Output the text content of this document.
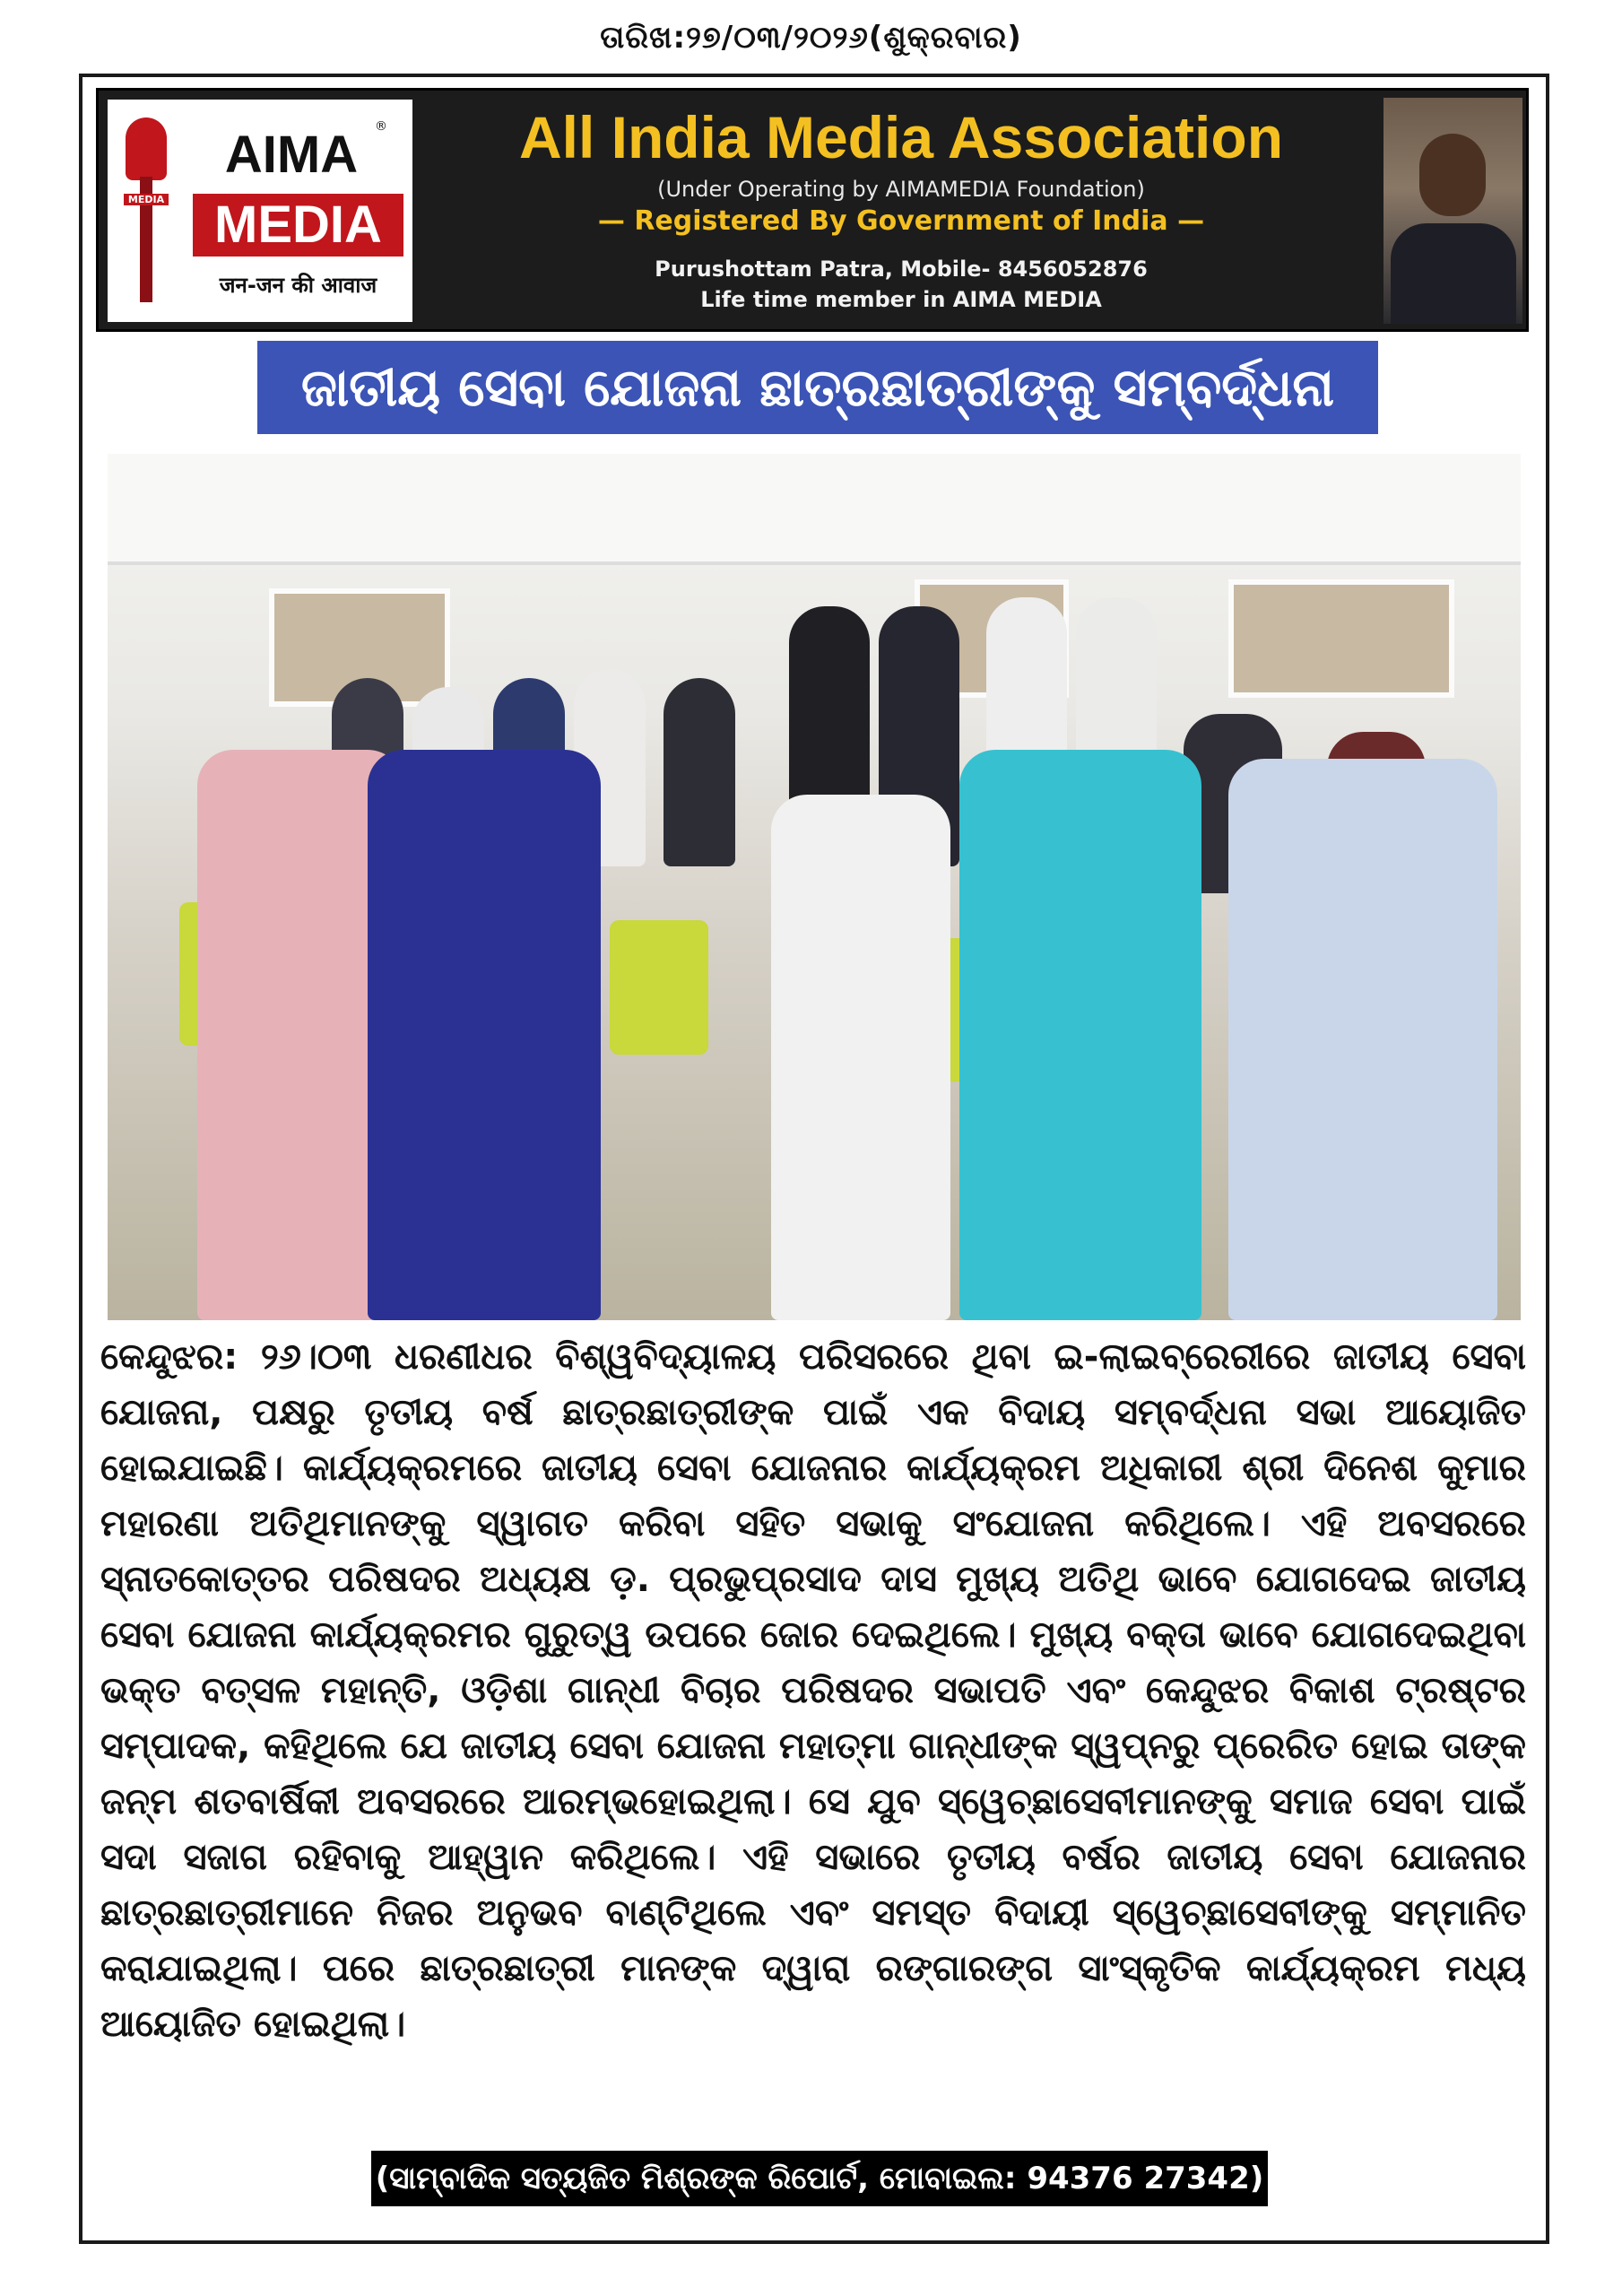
ତାରିଖ:୨୭/୦୩/୨୦୨୬(ଶୁକ୍ରବାର)
MEDIA
AIMA	®
MEDIA
जन-जन की आवाज
All India Media Association
(Under Operating by AIMAMEDIA Foundation)
— Registered By Government of India —
Purushottam Patra, Mobile- 8456052876
Life time member in AIMA MEDIA
ଜାତୀୟ ସେବା ଯୋଜନା ଛାତ୍ରଛାତ୍ରୀଙ୍କୁ ସମ୍ବର୍ଦ୍ଧନା

କେନ୍ଦୁଝର: ୨୬।୦୩ ଧରଣୀଧର ବିଶ୍ୱବିଦ୍ୟାଳୟ ପରିସରରେ ଥିବା ଇ-ଲାଇବ୍ରେରୀରେ ଜାତୀୟ ସେବା ଯୋଜନା, ପକ୍ଷରୁ ତୃତୀୟ ବର୍ଷ ଛାତ୍ରଛାତ୍ରୀଙ୍କ ପାଇଁ ଏକ ବିଦାୟ ସମ୍ବର୍ଦ୍ଧନା ସଭା ଆୟୋଜିତ ହୋଇଯାଇଛି। କାର୍ଯ୍ୟକ୍ରମରେ ଜାତୀୟ ସେବା ଯୋଜନାର କାର୍ଯ୍ୟକ୍ରମ ଅଧିକାରୀ ଶ୍ରୀ ଦିନେଶ କୁମାର ମହାରଣା ଅତିଥିମାନଙ୍କୁ ସ୍ୱାଗତ କରିବା ସହିତ ସଭାକୁ ସଂଯୋଜନା କରିଥିଲେ। ଏହି ଅବସରରେ ସ୍ନାତକୋତ୍ତର ପରିଷଦର ଅଧ୍ୟକ୍ଷ ଡ଼. ପ୍ରଭୁପ୍ରସାଦ ଦାସ ମୁଖ୍ୟ ଅତିଥି ଭାବେ ଯୋଗଦେଇ ଜାତୀୟ ସେବା ଯୋଜନା କାର୍ଯ୍ୟକ୍ରମର ଗୁରୁତ୍ୱ ଉପରେ ଜୋର ଦେଇଥିଲେ। ମୁଖ୍ୟ ବକ୍ତା ଭାବେ ଯୋଗଦେଇଥିବା ଭକ୍ତ ବତ୍ସଳ ମହାନ୍ତି, ଓଡ଼ିଶା ଗାନ୍ଧୀ ବିଚାର ପରିଷଦର ସଭାପତି ଏବଂ କେନ୍ଦୁଝର ବିକାଶ ଟ୍ରଷ୍ଟର ସମ୍ପାଦକ, କହିଥିଲେ ଯେ ଜାତୀୟ ସେବା ଯୋଜନା ମହାତ୍ମା ଗାନ୍ଧୀଙ୍କ ସ୍ୱପ୍ନରୁ ପ୍ରେରିତ ହୋଇ ତାଙ୍କ ଜନ୍ମ ଶତବାର୍ଷିକୀ ଅବସରରେ ଆରମ୍ଭହୋଇଥିଲା। ସେ ଯୁବ ସ୍ୱେଚ୍ଛାସେବୀମାନଙ୍କୁ ସମାଜ ସେବା ପାଇଁ ସଦା ସଜାଗ ରହିବାକୁ ଆହ୍ୱାନ କରିଥିଲେ। ଏହି ସଭାରେ ତୃତୀୟ ବର୍ଷର ଜାତୀୟ ସେବା ଯୋଜନାର ଛାତ୍ରଛାତ୍ରୀମାନେ ନିଜର ଅନୁଭବ ବାଣ୍ଟିଥିଲେ ଏବଂ ସମସ୍ତ ବିଦାୟୀ ସ୍ୱେଚ୍ଛାସେବୀଙ୍କୁ ସମ୍ମାନିତ କରାଯାଇଥିଲା। ପରେ ଛାତ୍ରଛାତ୍ରୀ ମାନଙ୍କ ଦ୍ୱାରା ରଙ୍ଗାରଙ୍ଗ ସାଂସ୍କୃତିକ କାର୍ଯ୍ୟକ୍ରମ ମଧ୍ୟ ଆୟୋଜିତ ହୋଇଥିଲା।

(ସାମ୍ବାଦିକ ସତ୍ୟଜିତ ମିଶ୍ରଙ୍କ ରିପୋର୍ଟ, ମୋବାଇଲ: 94376 27342)
